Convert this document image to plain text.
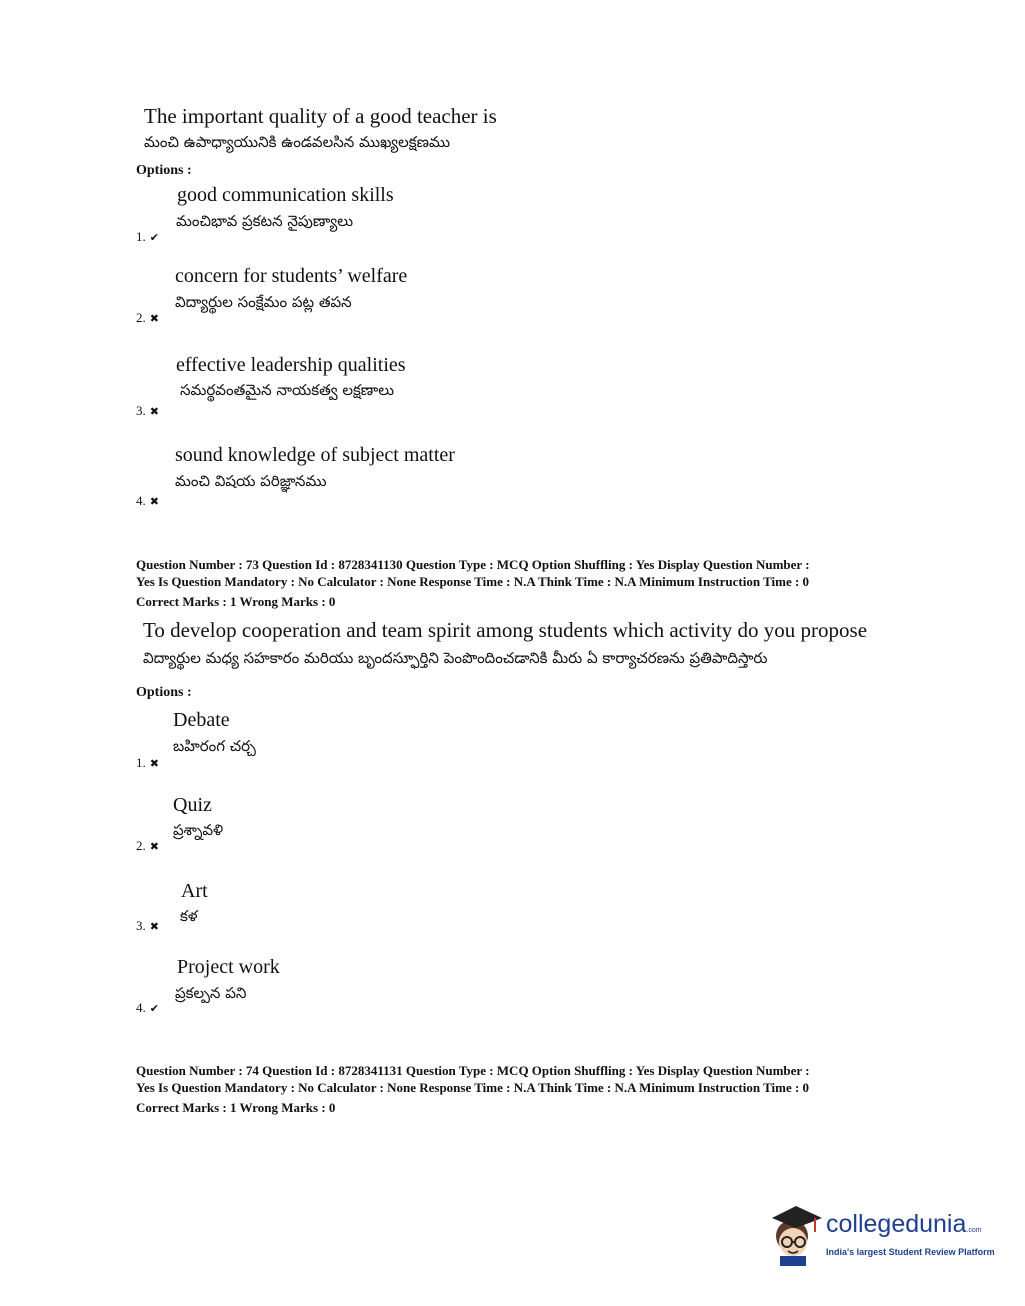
The important quality of a good teacher is
మంచి ఉపాధ్యాయునికి ఉండవలసిన ముఖ్యలక్షణము
Options :
good communication skills
మంచిభావ ప్రకటన నైపుణ్యాలు
1. ✔
concern for students’ welfare
విద్యార్థుల సంక్షేమం పట్ల తపన
2. ✖
effective leadership qualities
సమర్థవంతమైన నాయకత్వ లక్షణాలు
3. ✖
sound knowledge of subject matter
మంచి విషయ పరిజ్ఞానము
4. ✖
Question Number : 73 Question Id : 8728341130 Question Type : MCQ Option Shuffling : Yes Display Question Number :
Yes Is Question Mandatory : No Calculator : None Response Time : N.A Think Time : N.A Minimum Instruction Time : 0
Correct Marks : 1 Wrong Marks : 0
To develop cooperation and team spirit among students which activity do you propose
విద్యార్థుల మధ్య సహకారం మరియు బృందస్ఫూర్తిని పెంపొందించడానికి మీరు ఏ కార్యాచరణను ప్రతిపాదిస్తారు
Options :
Debate
బహిరంగ చర్చ
1. ✖
Quiz
ప్రశ్నావళి
2. ✖
Art
కళ
3. ✖
Project work
ప్రకల్పన పని
4. ✔
Question Number : 74 Question Id : 8728341131 Question Type : MCQ Option Shuffling : Yes Display Question Number :
Yes Is Question Mandatory : No Calculator : None Response Time : N.A Think Time : N.A Minimum Instruction Time : 0
Correct Marks : 1 Wrong Marks : 0
collegedunia.com
India's largest Student Review Platform
